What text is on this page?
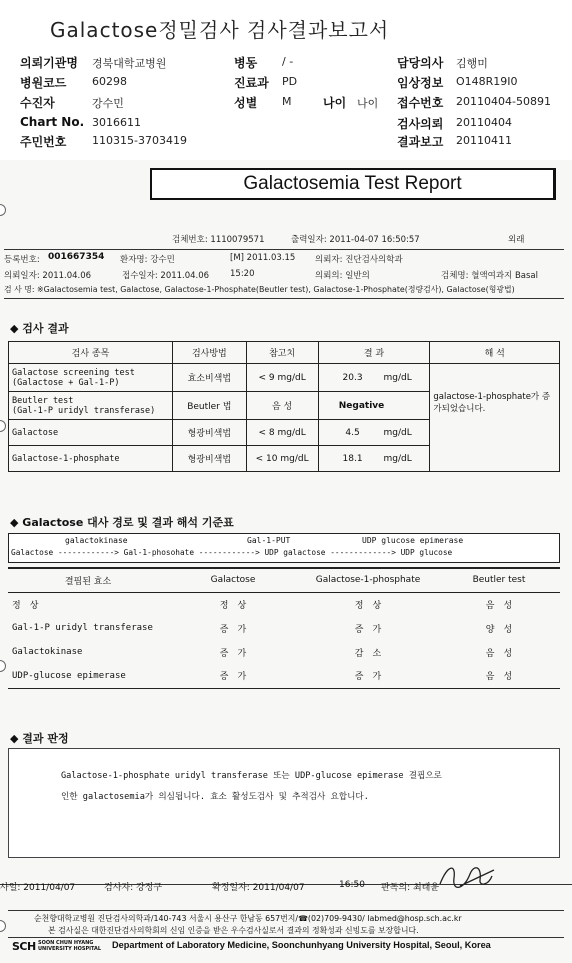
Galactose정밀검사 검사결과보고서
의뢰기관명 경북대학교병원	병동 / -	담당의사 김행미
병원코드 60298	진료과 PD	임상정보 O148R19I0
수진자	강수민	성별 M	나이 나이 접수번호 20110404-50891
Chart No. 3016611	검사의뢰 20110404
주민번호 110315-3703419	결과보고 20110411
Galactosemia Test Report
검체번호: 1110079571	출력일자: 2011-04-07 16:50:57	외래
등록번호: 001667354 환자명: 강수민	[M] 2011.03.15 의뢰자: 진단검사의학과
의뢰일자: 2011.04.06	접수일자: 2011.04.06 15:20	의뢰의: 일반의	검체명: 혈액여과지 Basal
검 사 명: ※Galactosemia test, Galactose, Galactose-1-Phosphate(Beutler test), Galactose-1-Phosphate(정량검사), Galactose(형광법)
◆ 검사 결과
검사 종목	검사방법	참고치	결 과	해 석
Galactose screening test
(Galactose + Gal-1-P)	효소비색법	< 9 mg/dL	20.3 mg/dL	galactose-1-phosphate가 증가되었습니다.
Beutler test
(Gal-1-P uridyl transferase)	Beutler 법	음 성	Negative	
Galactose	형광비색법	< 8 mg/dL	4.5 mg/dL	
Galactose-1-phosphate	형광비색법	< 10 mg/dL	18.1 mg/dL	
◆ Galactose 대사 경로 및 결과 해석 기준표
galactokinase	Gal-1-PUT	UDP glucose epimerase
Galactose ------------> Gal-1-phosohate ------------> UDP galactose -------------> UDP glucose
결핍된 효소	Galactose	Galactose-1-phosphate	Beutler test
정　상	정　상	정　상	음　성
Gal-1-P uridyl transferase	증　가	증　가	양　성
Galactokinase	증　가	감　소	음　성
UDP-glucose epimerase	증　가	증　가	음　성
◆ 결과 판정
Galactose-1-phosphate uridyl transferase 또는 UDP-glucose epimerase 결핍으로
인한 galactosemia가 의심됩니다. 효소 활성도검사 및 추적검사 요합니다.
사일: 2011/04/07	검사자: 강정구	확정일자: 2011/04/07	16:50 판독의: 최태윤
순천향대학교병원 진단검사의학과/140-743 서울시 용산구 한남동 657번지/☎(02)709-9430/ labmed@hosp.sch.ac.kr
본 검사실은 대한진단검사의학회의 신임 인증을 받은 우수검사실로서 결과의 정확성과 신빙도를 보장합니다.
SCH SOON CHUN HYANG
UNIVERSITY HOSPITAL Department of Laboratory Medicine, Soonchunhyang University Hospital, Seoul, Korea
